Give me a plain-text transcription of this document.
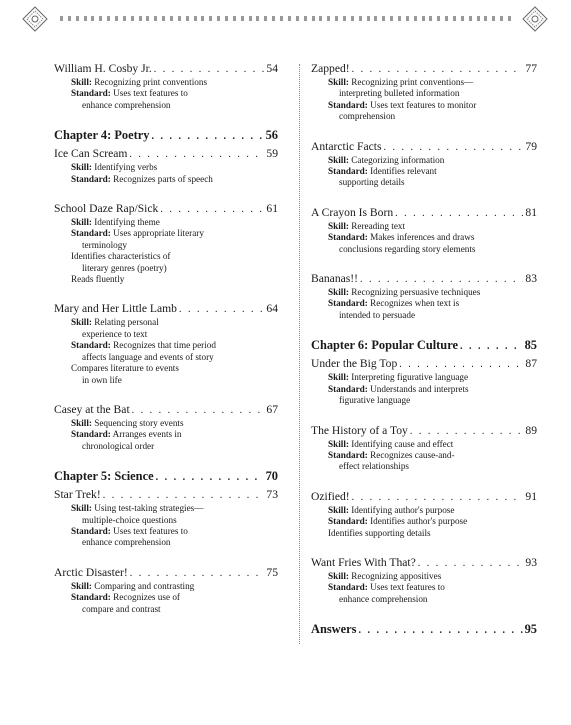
William H. Cosby Jr. . . .	54
Skill: Recognizing print conventions
Standard: Uses text features to
enhance comprehension
Chapter 4: Poetry . . .	56
Ice Can Scream . . .	59
Skill: Identifying verbs
Standard: Recognizes parts of speech
School Daze Rap/Sick . . .	61
Skill: Identifying theme
Standard: Uses appropriate literary
terminology
Identifies characteristics of
literary genres (poetry)
Reads fluently
Mary and Her Little Lamb . . .	64
Skill: Relating personal
experience to text
Standard: Recognizes that time period
affects language and events of story
Compares literature to events
in own life
Casey at the Bat . . .	67
Skill: Sequencing story events
Standard: Arranges events in
chronological order
Chapter 5: Science . . .	70
Star Trek! . . .	73
Skill: Using test-taking strategies—
multiple-choice questions
Standard: Uses text features to
enhance comprehension
Arctic Disaster! . . .	75
Skill: Comparing and contrasting
Standard: Recognizes use of
compare and contrast
Zapped! . . .	77
Skill: Recognizing print conventions—
interpreting bulleted information
Standard: Uses text features to monitor
comprehension
Antarctic Facts . . .	79
Skill: Categorizing information
Standard: Identifies relevant
supporting details
A Crayon Is Born . . .	81
Skill: Rereading text
Standard: Makes inferences and draws
conclusions regarding story elements
Bananas!! . . .	83
Skill: Recognizing persuasive techniques
Standard: Recognizes when text is
intended to persuade
Chapter 6: Popular Culture . . .	85
Under the Big Top . . .	87
Skill: Interpreting figurative language
Standard: Understands and interprets
figurative language
The History of a Toy . . .	89
Skill: Identifying cause and effect
Standard: Recognizes cause-and-
effect relationships
Ozified! . . .	91
Skill: Identifying author's purpose
Standard: Identifies author's purpose
Identifies supporting details
Want Fries With That? . . .	93
Skill: Recognizing appositives
Standard: Uses text features to
enhance comprehension
Answers . . .	95
